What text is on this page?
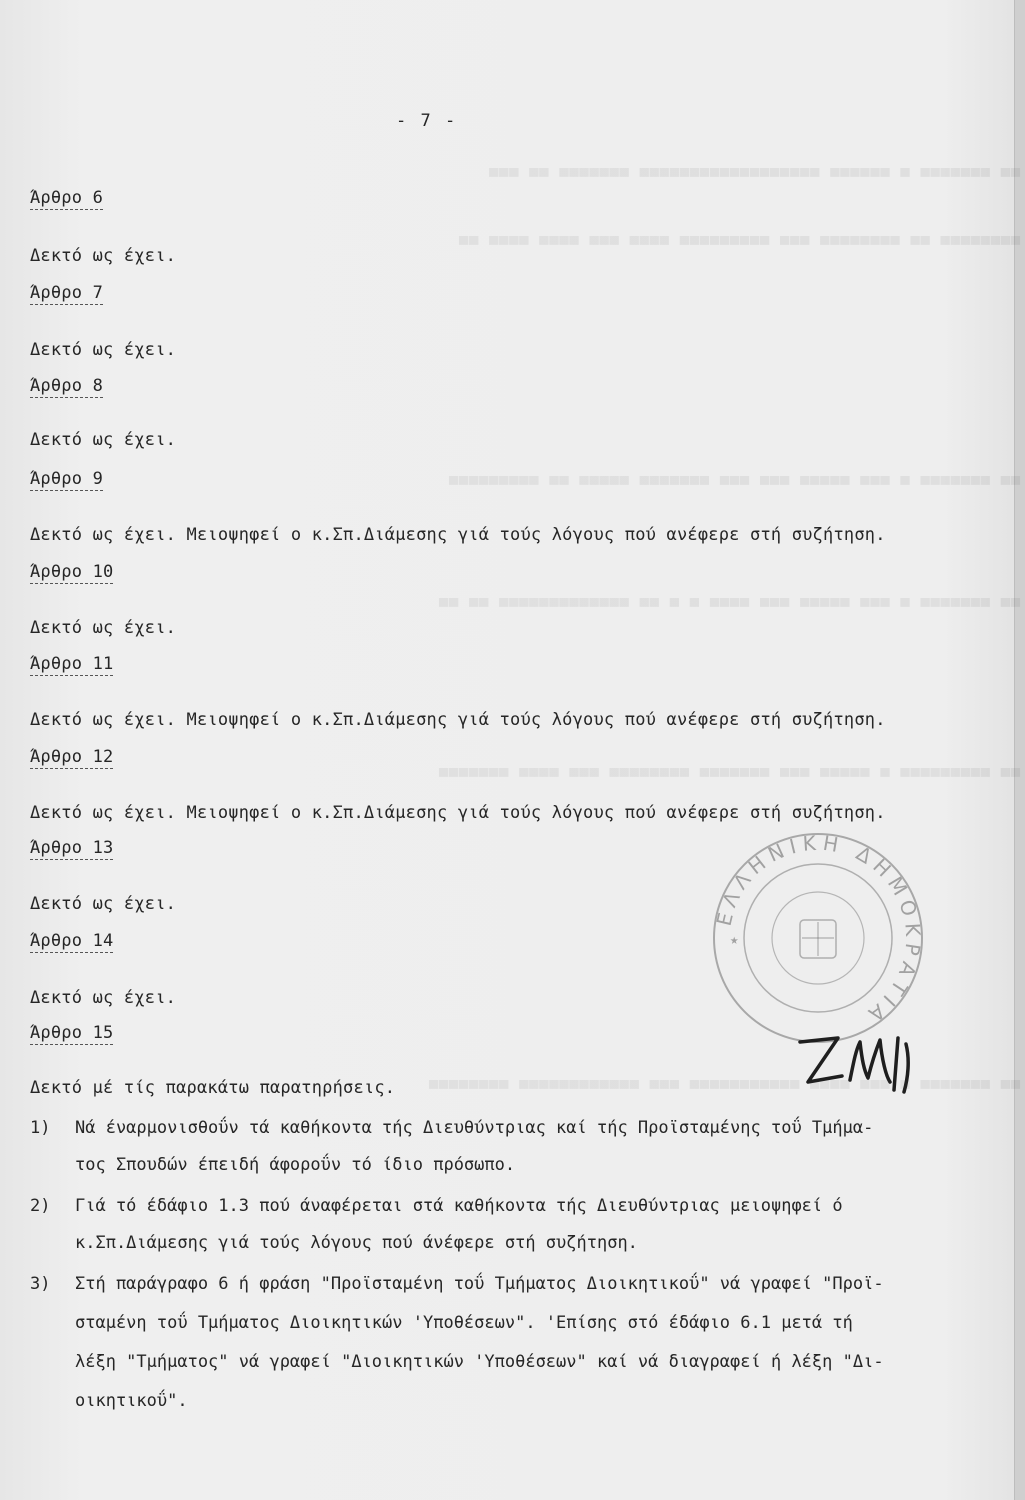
▀▀ ▀▀▀▀▀▀▀ ▀ ▀▀▀▀▀▀ ▀▀▀▀▀▀▀▀▀▀▀▀▀▀▀▀▀▀ ▀▀▀▀▀▀▀ ▀▀ ▀▀▀
▀▀▀▀▀▀▀▀ ▀▀ ▀▀▀▀▀▀▀▀ ▀▀▀ ▀▀▀▀▀▀▀▀▀ ▀▀▀▀ ▀▀▀ ▀▀▀▀ ▀▀▀▀ ▀▀
▀▀ ▀▀▀▀▀▀▀ ▀ ▀▀▀ ▀▀▀▀▀ ▀▀▀ ▀▀▀ ▀▀▀▀▀▀▀ ▀▀▀▀▀ ▀▀ ▀▀▀▀▀▀▀▀▀
▀▀ ▀▀▀▀▀▀▀ ▀ ▀▀▀ ▀▀▀▀▀ ▀▀▀ ▀▀▀▀ ▀ ▀ ▀▀ ▀▀▀▀▀▀▀▀▀▀▀▀▀ ▀▀ ▀▀
▀▀ ▀▀▀▀▀▀▀▀▀ ▀ ▀▀▀▀▀ ▀▀▀ ▀▀▀▀▀▀▀ ▀▀▀▀▀▀▀▀ ▀▀▀ ▀▀▀▀ ▀▀▀▀▀▀▀
▀▀ ▀▀▀▀▀▀▀ ▀ ▀▀▀ ▀▀▀▀ ▀▀▀▀▀▀▀▀▀▀▀ ▀▀▀ ▀▀▀▀▀▀▀▀▀▀▀▀ ▀▀▀▀▀▀▀▀
- 7 -
Άρθρο 6
Δεκτό ως έχει.
Άρθρο 7
Δεκτό ως έχει.
Άρθρο 8
Δεκτό ως έχει.
Άρθρο 9
Δεκτό ως έχει. Μειοψηφεί ο κ.Σπ.Διάμεσης γιά τούς λόγους πού ανέφερε στή συζήτηση.
Άρθρο 10
Δεκτό ως έχει.
Άρθρο 11
Δεκτό ως έχει. Μειοψηφεί ο κ.Σπ.Διάμεσης γιά τούς λόγους πού ανέφερε στή συζήτηση.
Άρθρο 12
Δεκτό ως έχει. Μειοψηφεί ο κ.Σπ.Διάμεσης γιά τούς λόγους πού ανέφερε στή συζήτηση.
Άρθρο 13
Δεκτό ως έχει.
Άρθρο 14
Δεκτό ως έχει.
Άρθρο 15
Δεκτό μέ τίς παρακάτω παρατηρήσεις.
1) Νά έναρμονισθοΰν τά καθήκοντα τής Διευθύντριας καί τής Προϊσταμένης τοΰ Τμήμα-
τος Σπουδών έπειδή άφοροΰν τό ίδιο πρόσωπο.
2) Γιά τό έδάφιο 1.3 πού άναφέρεται στά καθήκοντα τής Διευθύντριας μειοψηφεί ό
κ.Σπ.Διάμεσης γιά τούς λόγους πού άνέφερε στή συζήτηση.
3) Στή παράγραφο 6 ή φράση "Προϊσταμένη τοΰ Τμήματος Διοικητικοΰ" νά γραφεί "Προϊ-
σταμένη τοΰ Τμήματος Διοικητικών 'Υποθέσεων". 'Επίσης στό έδάφιο 6.1 μετά τή
λέξη "Τμήματος" νά γραφεί "Διοικητικών 'Υποθέσεων" καί νά διαγραφεί ή λέξη "Δι-
οικητικοΰ".
ΕΛΛΗΝΙΚΗ ΔΗΜΟΚΡΑΤΙΑ
★
